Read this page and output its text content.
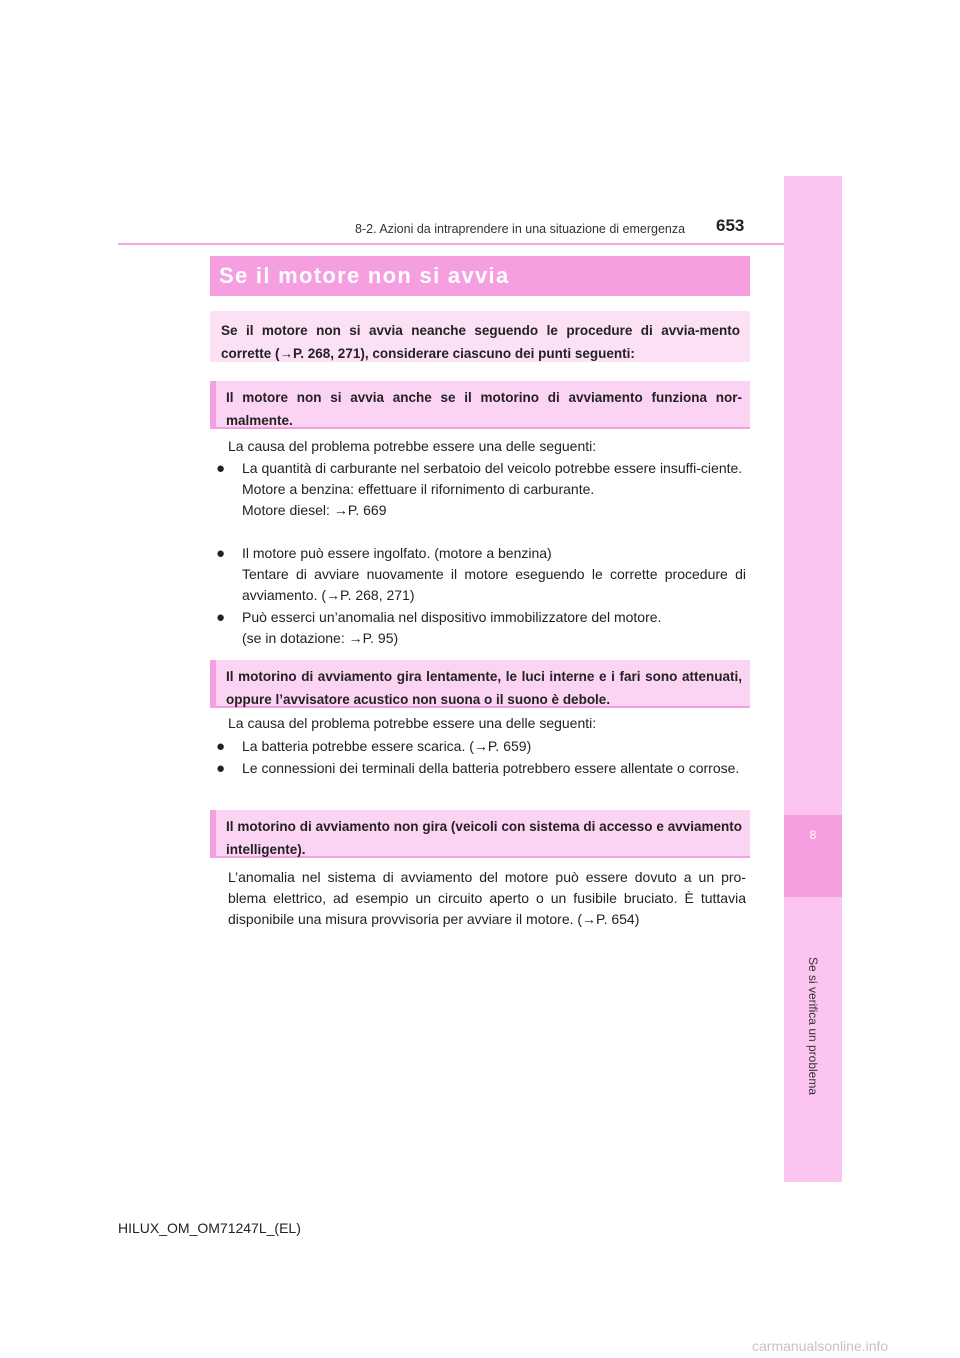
8-2. Azioni da intraprendere in una situazione di emergenza 653
8
Se si verifica un problema
Se il motore non si avvia
Se il motore non si avvia neanche seguendo le procedure di avvia-mento corrette (→P. 268, 271), considerare ciascuno dei punti seguenti:
Il motore non si avvia anche se il motorino di avviamento funziona nor-malmente.

La causa del problema potrebbe essere una delle seguenti:

● La quantità di carburante nel serbatoio del veicolo potrebbe essere insuffi-ciente.
Motore a benzina: effettuare il rifornimento di carburante.
Motore diesel: →P. 669
● Il motore può essere ingolfato. (motore a benzina)
Tentare di avviare nuovamente il motore eseguendo le corrette procedure di avviamento. (→P. 268, 271)
● Può esserci un’anomalia nel dispositivo immobilizzatore del motore.
(se in dotazione: →P. 95)
Il motorino di avviamento gira lentamente, le luci interne e i fari sono attenuati, oppure l’avvisatore acustico non suona o il suono è debole.

La causa del problema potrebbe essere una delle seguenti:

● La batteria potrebbe essere scarica. (→P. 659)
● Le connessioni dei terminali della batteria potrebbero essere allentate o corrose.
Il motorino di avviamento non gira (veicoli con sistema di accesso e avviamento intelligente).

L’anomalia nel sistema di avviamento del motore può essere dovuto a un pro-blema elettrico, ad esempio un circuito aperto o un fusibile bruciato. È tuttavia disponibile una misura provvisoria per avviare il motore. (→P. 654)

HILUX_OM_OM71247L_(EL)
carmanualsonline.info
